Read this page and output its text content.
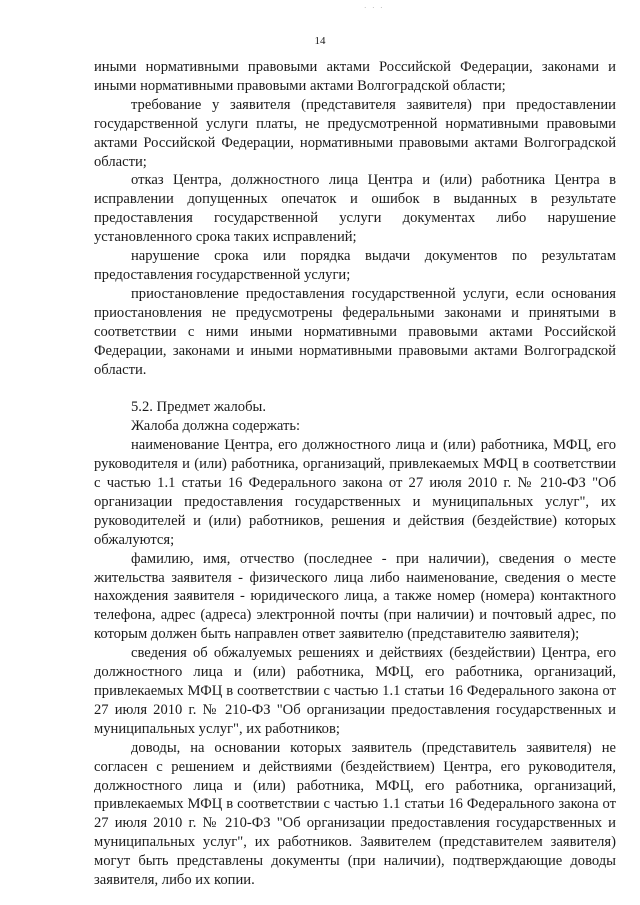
· · ·
14

иными нормативными правовыми актами Российской Федерации, законами и иными нормативными правовыми актами Волгоградской области;

требование у заявителя (представителя заявителя) при предоставлении государственной услуги платы, не предусмотренной нормативными правовыми актами Российской Федерации, нормативными правовыми актами Волгоградской области;

отказ Центра, должностного лица Центра и (или) работника Центра в исправлении допущенных опечаток и ошибок в выданных в результате предоставления государственной услуги документах либо нарушение установленного срока таких исправлений;

нарушение срока или порядка выдачи документов по результатам предоставления государственной услуги;

приостановление предоставления государственной услуги, если основания приостановления не предусмотрены федеральными законами и принятыми в соответствии с ними иными нормативными правовыми актами Российской Федерации, законами и иными нормативными правовыми актами Волгоградской области.

5.2. Предмет жалобы.

Жалоба должна содержать:

наименование Центра, его должностного лица и (или) работника, МФЦ, его руководителя и (или) работника, организаций, привлекаемых МФЦ в соответствии с частью 1.1 статьи 16 Федерального закона от 27 июля 2010 г. № 210-ФЗ "Об организации предоставления государственных и муниципальных услуг", их руководителей и (или) работников, решения и действия (бездействие) которых обжалуются;

фамилию, имя, отчество (последнее - при наличии), сведения о месте жительства заявителя - физического лица либо наименование, сведения о месте нахождения заявителя - юридического лица, а также номер (номера) контактного телефона, адрес (адреса) электронной почты (при наличии) и почтовый адрес, по которым должен быть направлен ответ заявителю (представителю заявителя);

сведения об обжалуемых решениях и действиях (бездействии) Центра, его должностного лица и (или) работника, МФЦ, его работника, организаций, привлекаемых МФЦ в соответствии с частью 1.1 статьи 16 Федерального закона от 27 июля 2010 г. № 210-ФЗ "Об организации предоставления государственных и муниципальных услуг", их работников;

доводы, на основании которых заявитель (представитель заявителя) не согласен с решением и действиями (бездействием) Центра, его руководителя, должностного лица и (или) работника, МФЦ, его работника, организаций, привлекаемых МФЦ в соответствии с частью 1.1 статьи 16 Федерального закона от 27 июля 2010 г. № 210-ФЗ "Об организации предоставления государственных и муниципальных услуг", их работников. Заявителем (представителем заявителя) могут быть представлены документы (при наличии), подтверждающие доводы заявителя, либо их копии.
